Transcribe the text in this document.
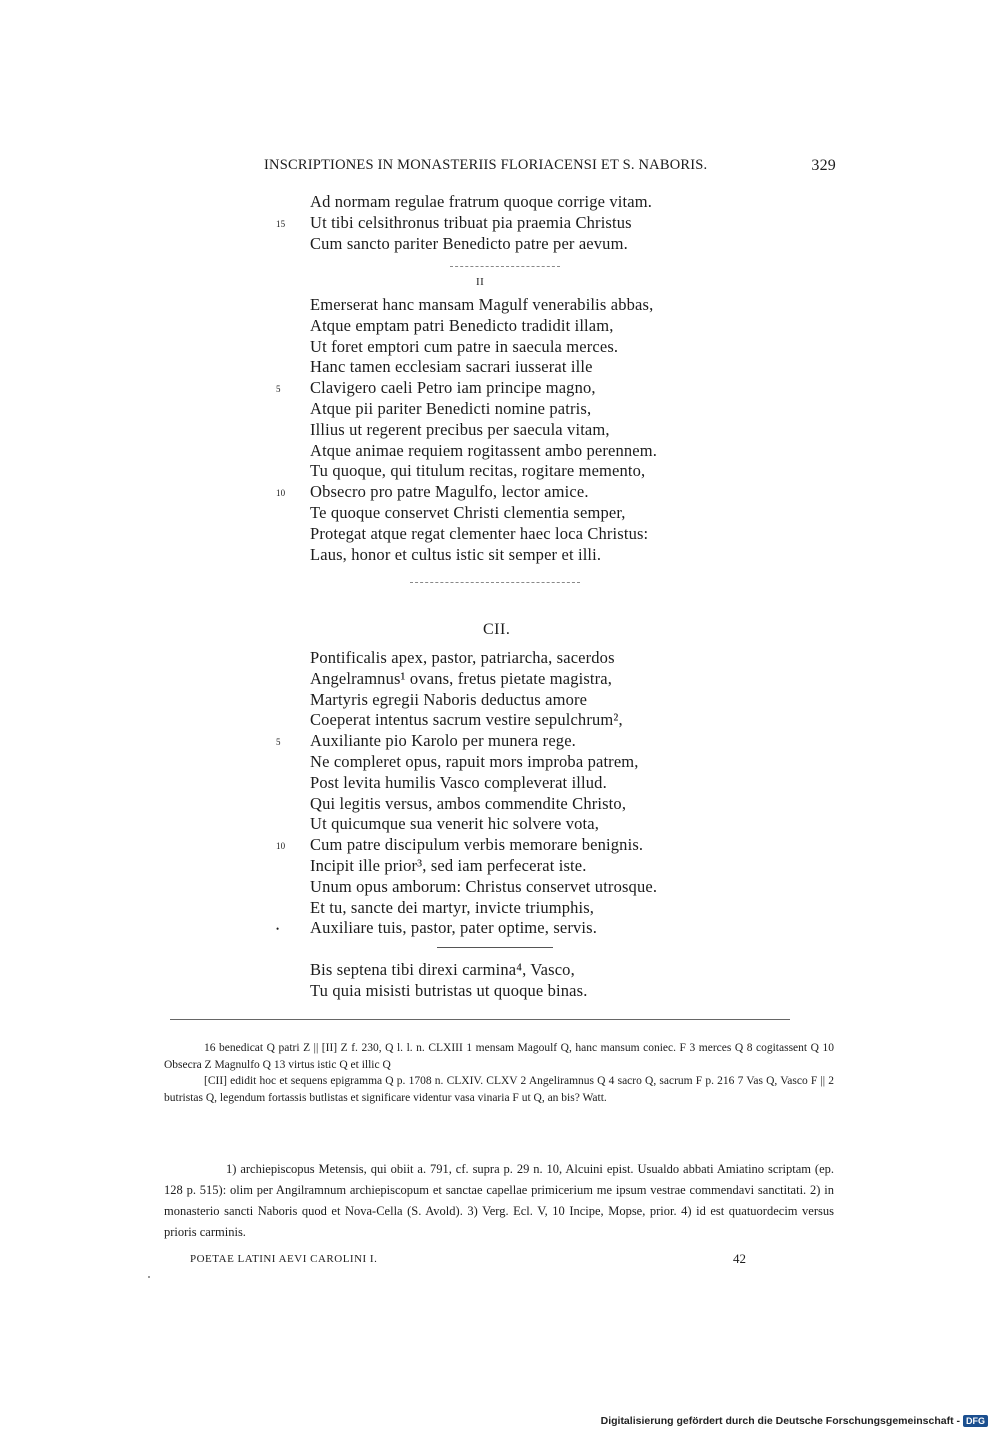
INSCRIPTIONES IN MONASTERIIS FLORIACENSI ET S. NABORIS.	329
Ad normam regulae fratrum quoque corrige vitam.
15 Ut tibi celsithronus tribuat pia praemia Christus
Cum sancto pariter Benedicto patre per aevum.
II
Emerserat hanc mansam Magulf venerabilis abbas,
Atque emptam patri Benedicto tradidit illam,
Ut foret emptori cum patre in saecula merces.
Hanc tamen ecclesiam sacrari iusserat ille
5 Clavigero caeli Petro iam principe magno,
Atque pii pariter Benedicti nomine patris,
Illius ut regerent precibus per saecula vitam,
Atque animae requiem rogitassent ambo perennem.
Tu quoque, qui titulum recitas, rogitare memento,
10 Obsecro pro patre Magulfo, lector amice.
Te quoque conservet Christi clementia semper,
Protegat atque regat clementer haec loca Christus:
Laus, honor et cultus istic sit semper et illi.
CII.
Pontificalis apex, pastor, patriarcha, sacerdos
Angelramnus¹ ovans, fretus pietate magistra,
Martyris egregii Naboris deductus amore
Coeperat intentus sacrum vestire sepulchrum²,
5 Auxiliante pio Karolo per munera rege.
Ne compleret opus, rapuit mors improba patrem,
Post levita humilis Vasco compleverat illud.
Qui legitis versus, ambos commendite Christo,
Ut quicumque sua venerit hic solvere vota,
10 Cum patre discipulum verbis memorare benignis.
Incipit ille prior³, sed iam perfecerat iste.
Unum opus amborum: Christus conservet utrosque.
Et tu, sancte dei martyr, invicte triumphis,
• Auxiliare tuis, pastor, pater optime, servis.
Bis septena tibi direxi carmina⁴, Vasco,
Tu quia misisti butristas ut quoque binas.

16 benedicat Q patri Z || [II] Z f. 230, Q l. l. n. CLXIII 1 mensam Magoulf Q, hanc mansum coniec. F 3 merces Q 8 cogitassent Q 10 Obsecra Z Magnulfo Q 13 virtus istic Q et illic Q

[CII] edidit hoc et sequens epigramma Q p. 1708 n. CLXIV. CLXV 2 Angeliramnus Q 4 sacro Q, sacrum F p. 216 7 Vas Q, Vasco F || 2 butristas Q, legendum fortassis butlistas et significare videntur vasa vinaria F ut Q, an bis? Watt.

1) archiepiscopus Metensis, qui obiit a. 791, cf. supra p. 29 n. 10, Alcuini epist. Usualdo abbati Amiatino scriptam (ep. 128 p. 515): olim per Angilramnum archiepiscopum et sanctae capellae primicerium me ipsum vestrae commendavi sanctitati. 2) in monasterio sancti Naboris quod et Nova-Cella (S. Avold). 3) Verg. Ecl. V, 10 Incipe, Mopse, prior. 4) id est quatuordecim versus prioris carminis.

POETAE LATINI AEVI CAROLINI I.	42
Digitalisierung gefördert durch die Deutsche Forschungsgemeinschaft - DFG
